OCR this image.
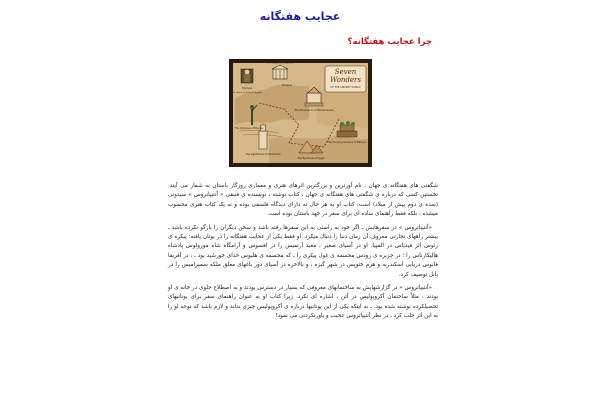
عجایب هفتگانه
چرا عجایب هفتگانه؟
Seven
Wonders
OF THE ANCIENT WORLD
The Temple of Artemis
Olympia
Ephesus
The Mausoleum of Halicarnassus
The Colossus of Rhodes
The Lighthouse of Alexandria
The Hanging Gardens of Babylon
The Pyramids of Egypt
The Statue of Zeus at Olympia

شگفتی های هفتگانه ی جهان ، نام آورترین و بزرگترین اثرهای هنری و معماری روزگار باستان به شمار می آیند. نخستین کسی که درباره ی شگفتی های هفتگانه ی جهان ، کتاب نوشته ، نویسنده ی فنیقی « آنتیپاتروس » سیدونی (سده ی دوم پیش از میلاد) است. کتاب او به هر حال نه دارای دیدگاه فلسفی بوده و نه یک کتاب هنری محسوب میشده ، بلکه فقط راهنمای ساده ای برای سفر در جهد باستان بوده است.

«آنتیپاتروس » در سفرهایش ـ اگر خود به راستی به این سفرها رفته باشد و سخن دیگران را بازگو نکرده باشد ـ بیشتر راههای تجارتی معروف آن زمان دنیا را دنبال میکرد. او فقط یکی از عجایب هفتگانه را در یونان یافته؛ پیکره ی زئوس اثر فیدیاس در المپیا. او در آسیای صغیر ، معبد آرتمیس را در افسوس و آرامگاه شاه موزولوس پادشاه هالیکارناس را ؛ در جزیره ی رودس مجسمه ی غول پیکری را ـ که مجسمه ی هلیوس خدای خورشید بود ـ ، در آفریقا فانوس دریایی اسکندریه و هرم خئوپس در شهر گیزه ، و بالاخره در آسیای دور باغهای معلق ملکه سمیرامیس را در بابل توصیف کرد.

«آنتیپاتروس » در گزارشهایش به ساختمانهای معروفی که بسیار در دسترس بودند و به اصطلاح جلوی در خانه ی او بودند ، مثلاً ساختمان آکروپولیس در آتن ، اشاره ای نکرد. زیرا کتاب او به عنوان راهنمای سفر برای یونانیهای تحصیلکرده نوشته شده بود. ـ به اینکه یکی از این یونانیها درباره ی آکروپولیس چیزی نداند و لازم باشد که توجه او را به این اثر جلب کرد ، در نظر آنتیپاتروس عجیب و باورنکردنی می نمود!
